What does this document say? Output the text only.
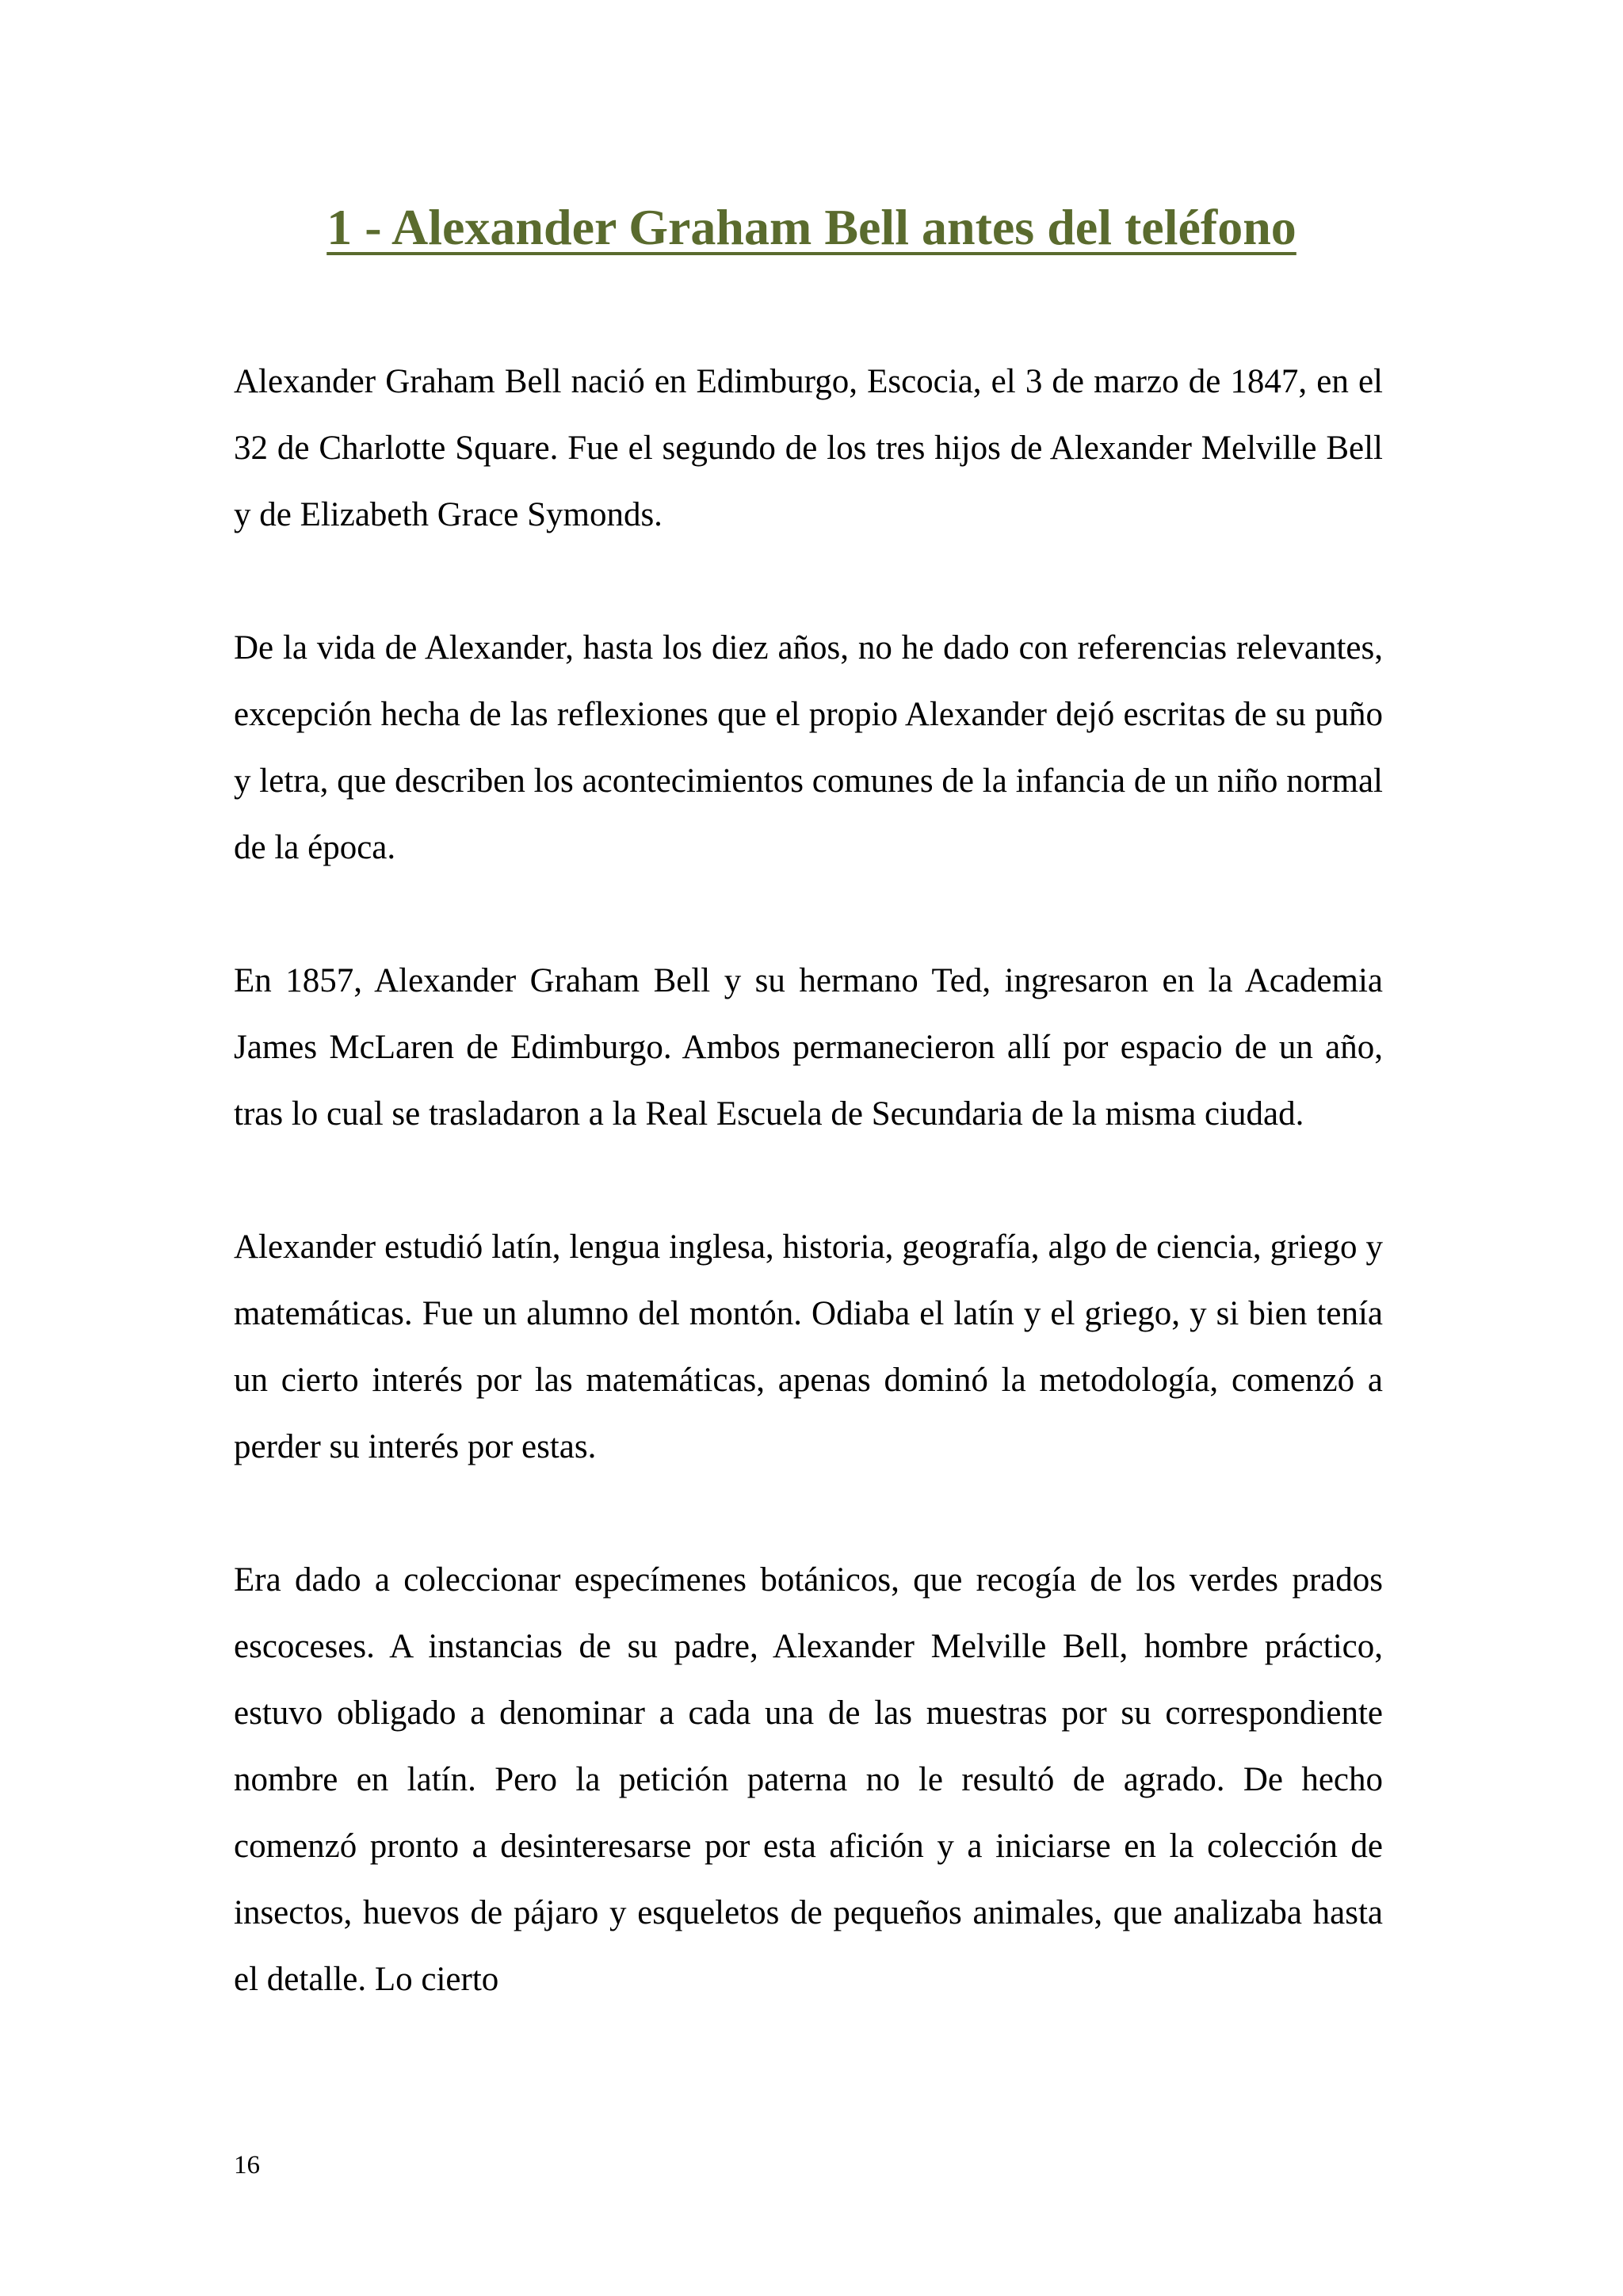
1 - Alexander Graham Bell antes del teléfono

Alexander Graham Bell nació en Edimburgo, Escocia, el 3 de marzo de 1847, en el 32 de Charlotte Square. Fue el segundo de los tres hijos de Alexander Melville Bell y de Elizabeth Grace Symonds.

De la vida de Alexander, hasta los diez años, no he dado con referencias relevantes, excepción hecha de las reflexiones que el propio Alexander dejó escritas de su puño y letra, que describen los acontecimientos comunes de la infancia de un niño normal de la época.

En 1857, Alexander Graham Bell y su hermano Ted, ingresaron en la Academia James McLaren de Edimburgo. Ambos permanecieron allí por espacio de un año, tras lo cual se trasladaron a la Real Escuela de Secundaria de la misma ciudad.

Alexander estudió latín, lengua inglesa, historia, geografía, algo de ciencia, griego y matemáticas. Fue un alumno del montón. Odiaba el latín y el griego, y si bien tenía un cierto interés por las matemáticas, apenas dominó la metodología, comenzó a perder su interés por estas.

Era dado a coleccionar especímenes botánicos, que recogía de los verdes prados escoceses. A instancias de su padre, Alexander Melville Bell, hombre práctico, estuvo obligado a denominar a cada una de las muestras por su correspondiente nombre en latín. Pero la petición paterna no le resultó de agrado. De hecho comenzó pronto a desinteresarse por esta afición y a iniciarse en la colección de insectos, huevos de pájaro y esqueletos de pequeños animales, que analizaba hasta el detalle. Lo cierto

16
